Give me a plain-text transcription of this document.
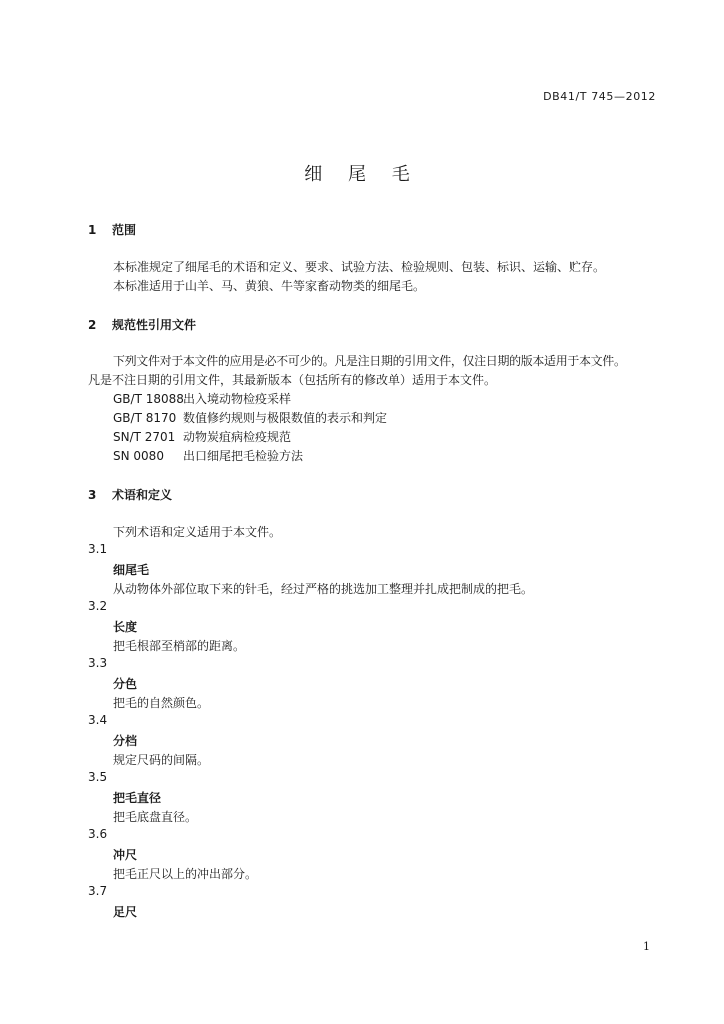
DB41/T 745—2012
细 尾 毛
1 范围
本标准规定了细尾毛的术语和定义、要求、试验方法、检验规则、包装、标识、运输、贮存。
本标准适用于山羊、马、黄狼、牛等家畜动物类的细尾毛。
2 规范性引用文件
下列文件对于本文件的应用是必不可少的。凡是注日期的引用文件，仅注日期的版本适用于本文件。
凡是不注日期的引用文件，其最新版本（包括所有的修改单）适用于本文件。
GB/T 18088出入境动物检疫采样
GB/T 8170 数值修约规则与极限数值的表示和判定
SN/T 2701 动物炭疽病检疫规范
SN 0080 出口细尾把毛检验方法
3 术语和定义
下列术语和定义适用于本文件。
3.1
细尾毛
从动物体外部位取下来的针毛，经过严格的挑选加工整理并扎成把制成的把毛。
3.2
长度
把毛根部至梢部的距离。
3.3
分色
把毛的自然颜色。
3.4
分档
规定尺码的间隔。
3.5
把毛直径
把毛底盘直径。
3.6
冲尺
把毛正尺以上的冲出部分。
3.7
足尺
1
